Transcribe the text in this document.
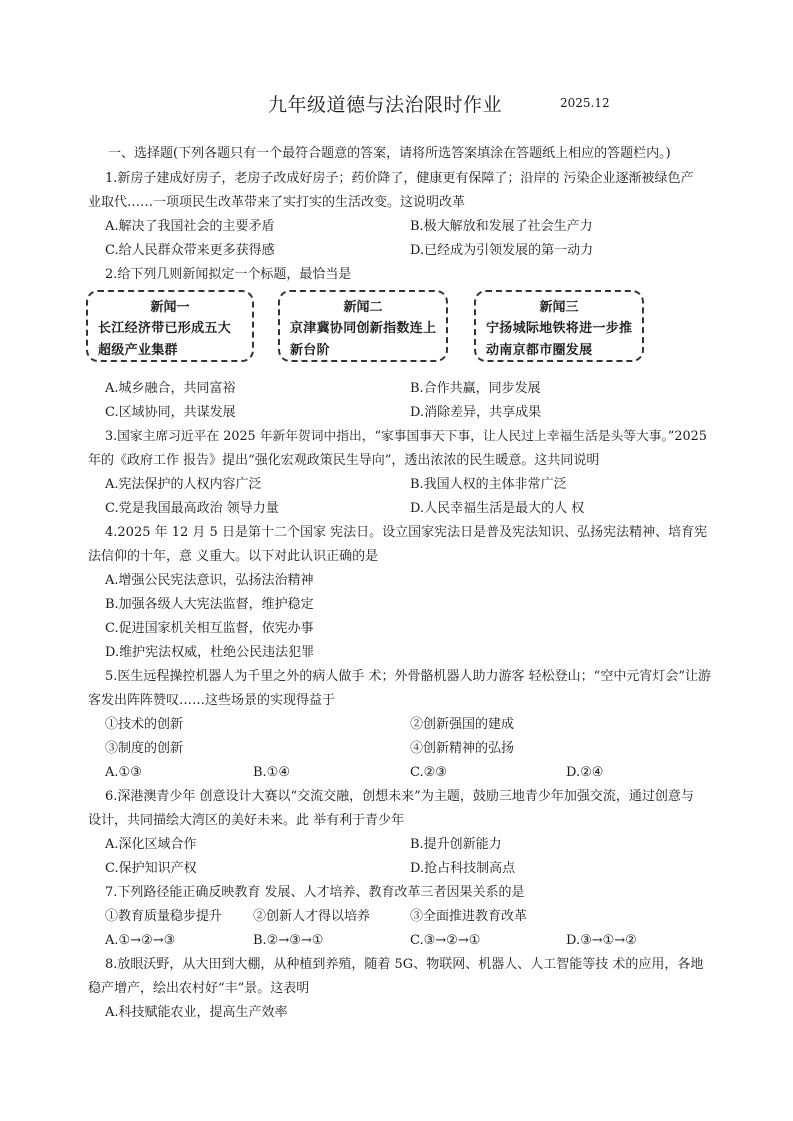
九年级道德与法治限时作业	2025.12
一、选择题(下列各题只有一个最符合题意的答案，请将所选答案填涂在答题纸上相应的答题栏内。)
1.新房子建成好房子，老房子改成好房子；药价降了，健康更有保障了；沿岸的 污染企业逐渐被绿色产
业取代……一项项民生改革带来了实打实的生活改变。这说明改革
A.解决了我国社会的主要矛盾	B.极大解放和发展了社会生产力
C.给人民群众带来更多获得感	D.已经成为引领发展的第一动力
2.给下列几则新闻拟定一个标题，最恰当是
新闻一
长江经济带已形成五大超级产业集群
新闻二
京津冀协同创新指数连上新台阶
新闻三
宁扬城际地铁将进一步推动南京都市圈发展
A.城乡融合，共同富裕	B.合作共赢，同步发展
C.区域协同，共谋发展	D.消除差异，共享成果
3.国家主席习近平在 2025 年新年贺词中指出，“家事国事天下事，让人民过上幸福生活是头等大事。”2025
年的《政府工作 报告》提出“强化宏观政策民生导向”，透出浓浓的民生暖意。这共同说明
A.宪法保护的人权内容广泛	B.我国人权的主体非常广泛
C.党是我国最高政治 领导力量	D.人民幸福生活是最大的人 权
4.2025 年 12 月 5 日是第十二个国家 宪法日。设立国家宪法日是普及宪法知识、弘扬宪法精神、培育宪
法信仰的十年，意 义重大。以下对此认识正确的是
A.增强公民宪法意识，弘扬法治精神
B.加强各级人大宪法监督，维护稳定
C.促进国家机关相互监督，依宪办事
D.维护宪法权威，杜绝公民违法犯罪
5.医生远程操控机器人为千里之外的病人做手 术；外骨骼机器人助力游客 轻松登山；“空中元宵灯会”让游
客发出阵阵赞叹……这些场景的实现得益于
①技术的创新	②创新强国的建成
③制度的创新	④创新精神的弘扬
A.①③	B.①④	C.②③	D.②④
6.深港澳青少年 创意设计大赛以“交流交融，创想未来”为主题，鼓励三地青少年加强交流，通过创意与
设计，共同描绘大湾区的美好未来。此 举有利于青少年
A.深化区域合作	B.提升创新能力
C.保护知识产权	D.抢占科技制高点
7.下列路径能正确反映教育 发展、人才培养、教育改革三者因果关系的是
①教育质量稳步提升 ②创新人才得以培养	③全面推进教育改革
A.①→②→③	B.②→③→①	C.③→②→①	D.③→①→②
8.放眼沃野，从大田到大棚，从种植到养殖，随着 5G、物联网、机器人、人工智能等技 术的应用，各地
稳产增产，绘出农村好“丰”景。这表明
A.科技赋能农业，提高生产效率
